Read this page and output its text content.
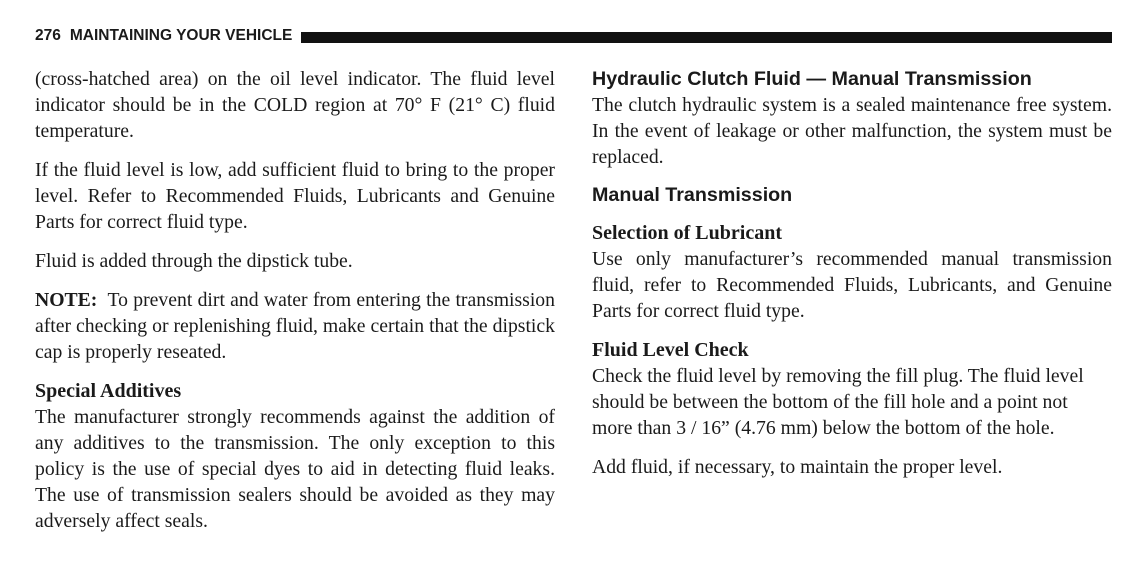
276 MAINTAINING YOUR VEHICLE

(cross-hatched area) on the oil level indicator. The fluid level indicator should be in the COLD region at 70° F (21° C) fluid temperature.

If the fluid level is low, add sufficient fluid to bring to the proper level. Refer to Recommended Fluids, Lubricants and Genuine Parts for correct fluid type.

Fluid is added through the dipstick tube.

NOTE: To prevent dirt and water from entering the transmission after checking or replenishing fluid, make certain that the dipstick cap is properly reseated.

Special Additives

The manufacturer strongly recommends against the addition of any additives to the transmission. The only exception to this policy is the use of special dyes to aid in detecting fluid leaks. The use of transmission sealers should be avoided as they may adversely affect seals.

Hydraulic Clutch Fluid — Manual Transmission

The clutch hydraulic system is a sealed maintenance free system. In the event of leakage or other malfunction, the system must be replaced.

Manual Transmission
Selection of Lubricant

Use only manufacturer’s recommended manual transmission fluid, refer to Recommended Fluids, Lubricants, and Genuine Parts for correct fluid type.

Fluid Level Check

Check the fluid level by removing the fill plug. The fluid level should be between the bottom of the fill hole and a point not more than 3 / 16” (4.76 mm) below the bottom of the hole.

Add fluid, if necessary, to maintain the proper level.
